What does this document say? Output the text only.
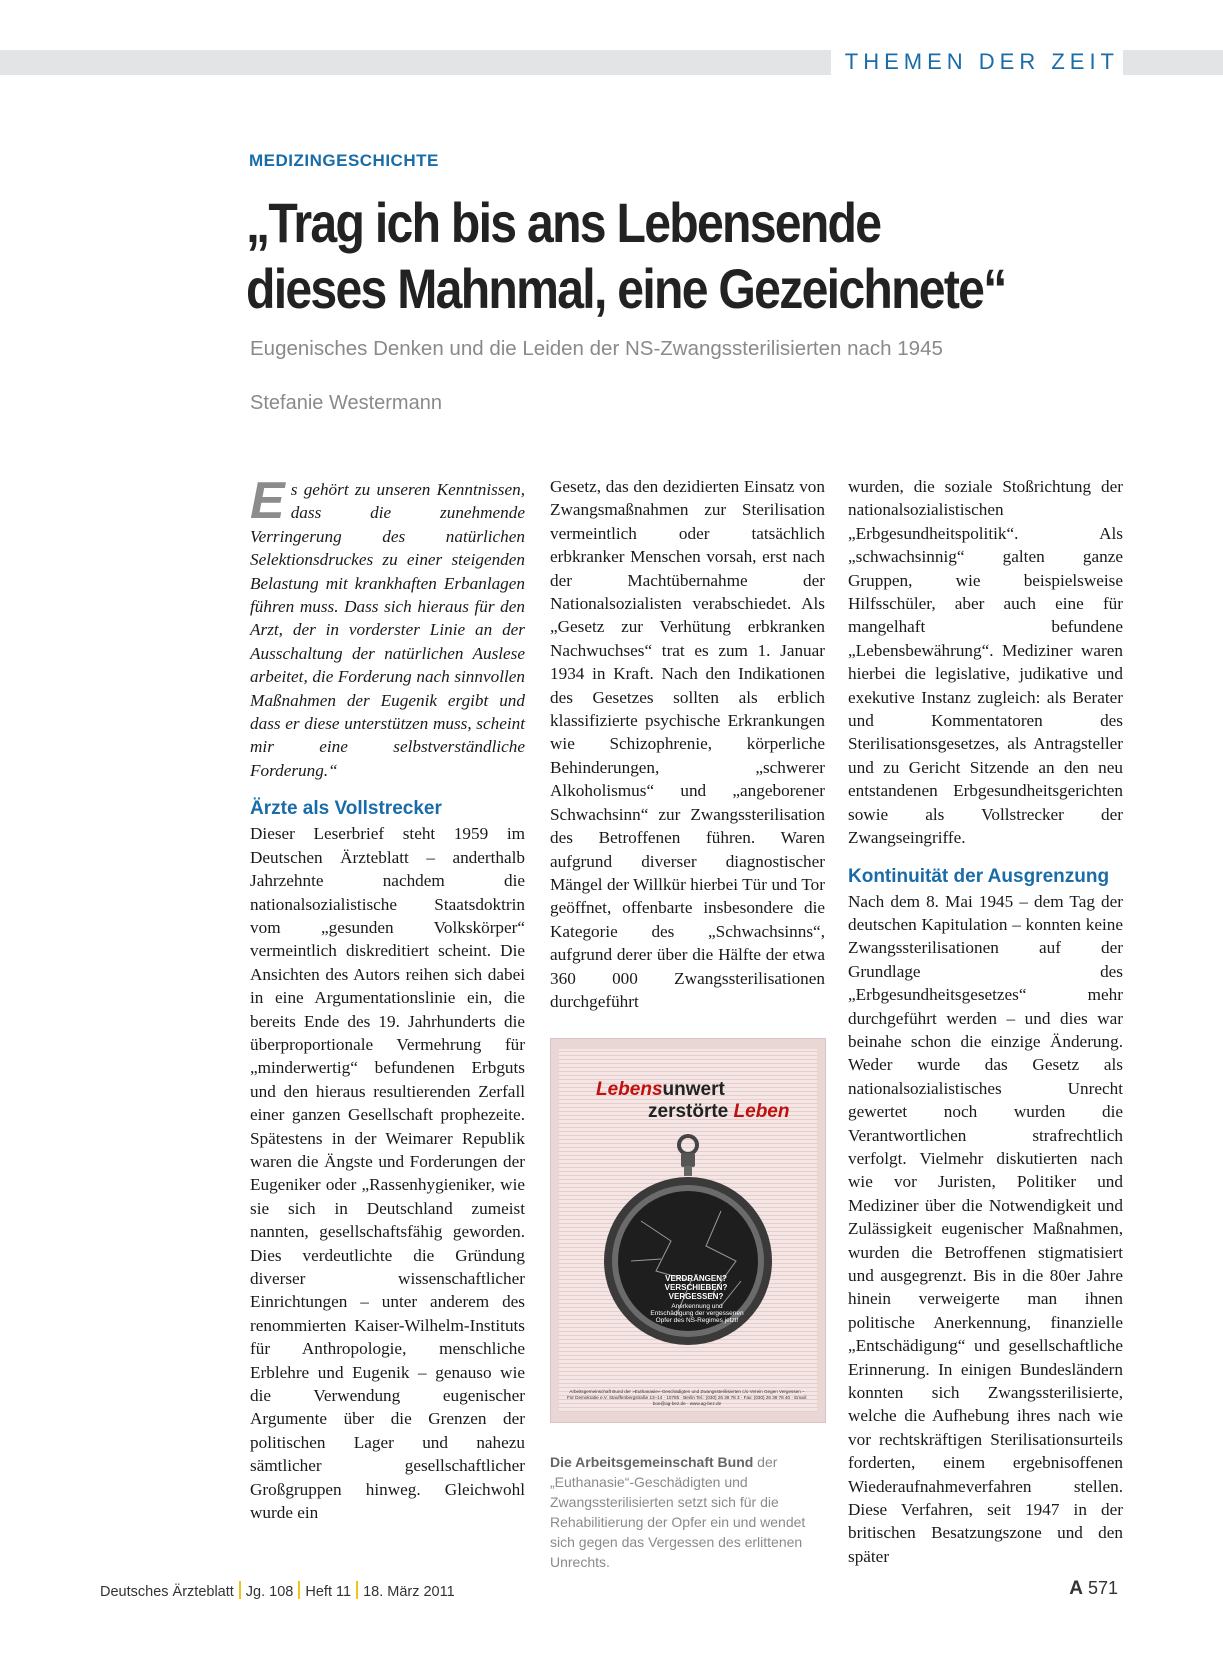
THEMEN DER ZEIT
MEDIZINGESCHICHTE
„Trag ich bis ans Lebensende
dieses Mahnmal, eine Gezeichnete“
Eugenisches Denken und die Leiden der NS-Zwangssterilisierten nach 1945
Stefanie Westermann

Es gehört zu unseren Kenntnissen, dass die zunehmende Verringerung des natürlichen Selektionsdruckes zu einer steigenden Belastung mit krankhaften Erbanlagen führen muss. Dass sich hieraus für den Arzt, der in vorderster Linie an der Ausschaltung der natürlichen Auslese arbeitet, die Forderung nach sinnvollen Maßnahmen der Eugenik ergibt und dass er diese unterstützen muss, scheint mir eine selbstverständliche Forderung.“

Ärzte als Vollstrecker

Dieser Leserbrief steht 1959 im Deutschen Ärzteblatt – anderthalb Jahrzehnte nachdem die nationalsozialistische Staatsdoktrin vom „gesunden Volkskörper“ vermeintlich diskreditiert scheint. Die Ansichten des Autors reihen sich dabei in eine Argumentationslinie ein, die bereits Ende des 19. Jahrhunderts die überproportionale Vermehrung für „minderwertig“ befundenen Erbguts und den hieraus resultierenden Zerfall einer ganzen Gesellschaft prophezeite. Spätestens in der Weimarer Republik waren die Ängste und Forderungen der Eugeniker oder „Rassenhygieniker, wie sie sich in Deutschland zumeist nannten, gesellschaftsfähig geworden. Dies verdeutlichte die Gründung diverser wissenschaftlicher Einrichtungen – unter anderem des renommierten Kaiser-Wilhelm-Instituts für Anthropologie, menschliche Erblehre und Eugenik – genauso wie die Verwendung eugenischer Argumente über die Grenzen der politischen Lager und nahezu sämtlicher gesellschaftlicher Großgruppen hinweg. Gleichwohl wurde ein

Gesetz, das den dezidierten Einsatz von Zwangsmaßnahmen zur Sterilisation vermeintlich oder tatsächlich erbkranker Menschen vorsah, erst nach der Machtübernahme der Nationalsozialisten verabschiedet. Als „Gesetz zur Verhütung erbkranken Nachwuchses“ trat es zum 1. Januar 1934 in Kraft. Nach den Indikationen des Gesetzes sollten als erblich klassifizierte psychische Erkrankungen wie Schizophrenie, körperliche Behinderungen, „schwerer Alkoholismus“ und „angeborener Schwachsinn“ zur Zwangssterilisation des Betroffenen führen. Waren aufgrund diverser diagnostischer Mängel der Willkür hierbei Tür und Tor geöffnet, offenbarte insbesondere die Kategorie des „Schwachsinns“, aufgrund derer über die Hälfte der etwa 360 000 Zwangssterilisationen durchgeführt

Lebensunwert
zerstörte Leben
VERDRÄNGEN? VERSCHIEBEN? VERGESSEN?
Anerkennung und Entschädigung der vergessenen Opfer des NS-Regimes jetzt!
Arbeitsgemeinschaft Bund der »Euthanasie«-Geschädigten und Zwangssterilisierten c/o Verein Gegen Vergessen – Für Demokratie e.V. Stauffenbergstraße 13–14 · 10785 · Berlin Tel.: (030) 26 39 78 3 · Fax: (030) 26 39 78 40 · Email: boe@ag-bez.de · www.ag-bez.de
Die Arbeitsgemeinschaft Bund der „Euthanasie“-Geschädigten und Zwangssterilisierten setzt sich für die Rehabilitierung der Opfer ein und wendet sich gegen das Vergessen des erlittenen Unrechts.

wurden, die soziale Stoßrichtung der nationalsozialistischen „Erbgesundheitspolitik“. Als „schwachsinnig“ galten ganze Gruppen, wie beispielsweise Hilfsschüler, aber auch eine für mangelhaft befundene „Lebensbewährung“. Mediziner waren hierbei die legislative, judikative und exekutive Instanz zugleich: als Berater und Kommentatoren des Sterilisationsgesetzes, als Antragsteller und zu Gericht Sitzende an den neu entstandenen Erbgesundheitsgerichten sowie als Vollstrecker der Zwangseingriffe.

Kontinuität der Ausgrenzung

Nach dem 8. Mai 1945 – dem Tag der deutschen Kapitulation – konnten keine Zwangssterilisationen auf der Grundlage des „Erbgesundheitsgesetzes“ mehr durchgeführt werden – und dies war beinahe schon die einzige Änderung. Weder wurde das Gesetz als nationalsozialistisches Unrecht gewertet noch wurden die Verantwortlichen strafrechtlich verfolgt. Vielmehr diskutierten nach wie vor Juristen, Politiker und Mediziner über die Notwendigkeit und Zulässigkeit eugenischer Maßnahmen, wurden die Betroffenen stigmatisiert und ausgegrenzt. Bis in die 80er Jahre hinein verweigerte man ihnen politische Anerkennung, finanzielle „Entschädigung“ und gesellschaftliche Erinnerung. In einigen Bundesländern konnten sich Zwangssterilisierte, welche die Aufhebung ihres nach wie vor rechtskräftigen Sterilisationsurteils forderten, einem ergebnisoffenen Wiederaufnahmeverfahren stellen. Diese Verfahren, seit 1947 in der britischen Besatzungszone und den später

Deutsches Ärzteblatt Jg. 108 Heft 11 18. März 2011	A 571
